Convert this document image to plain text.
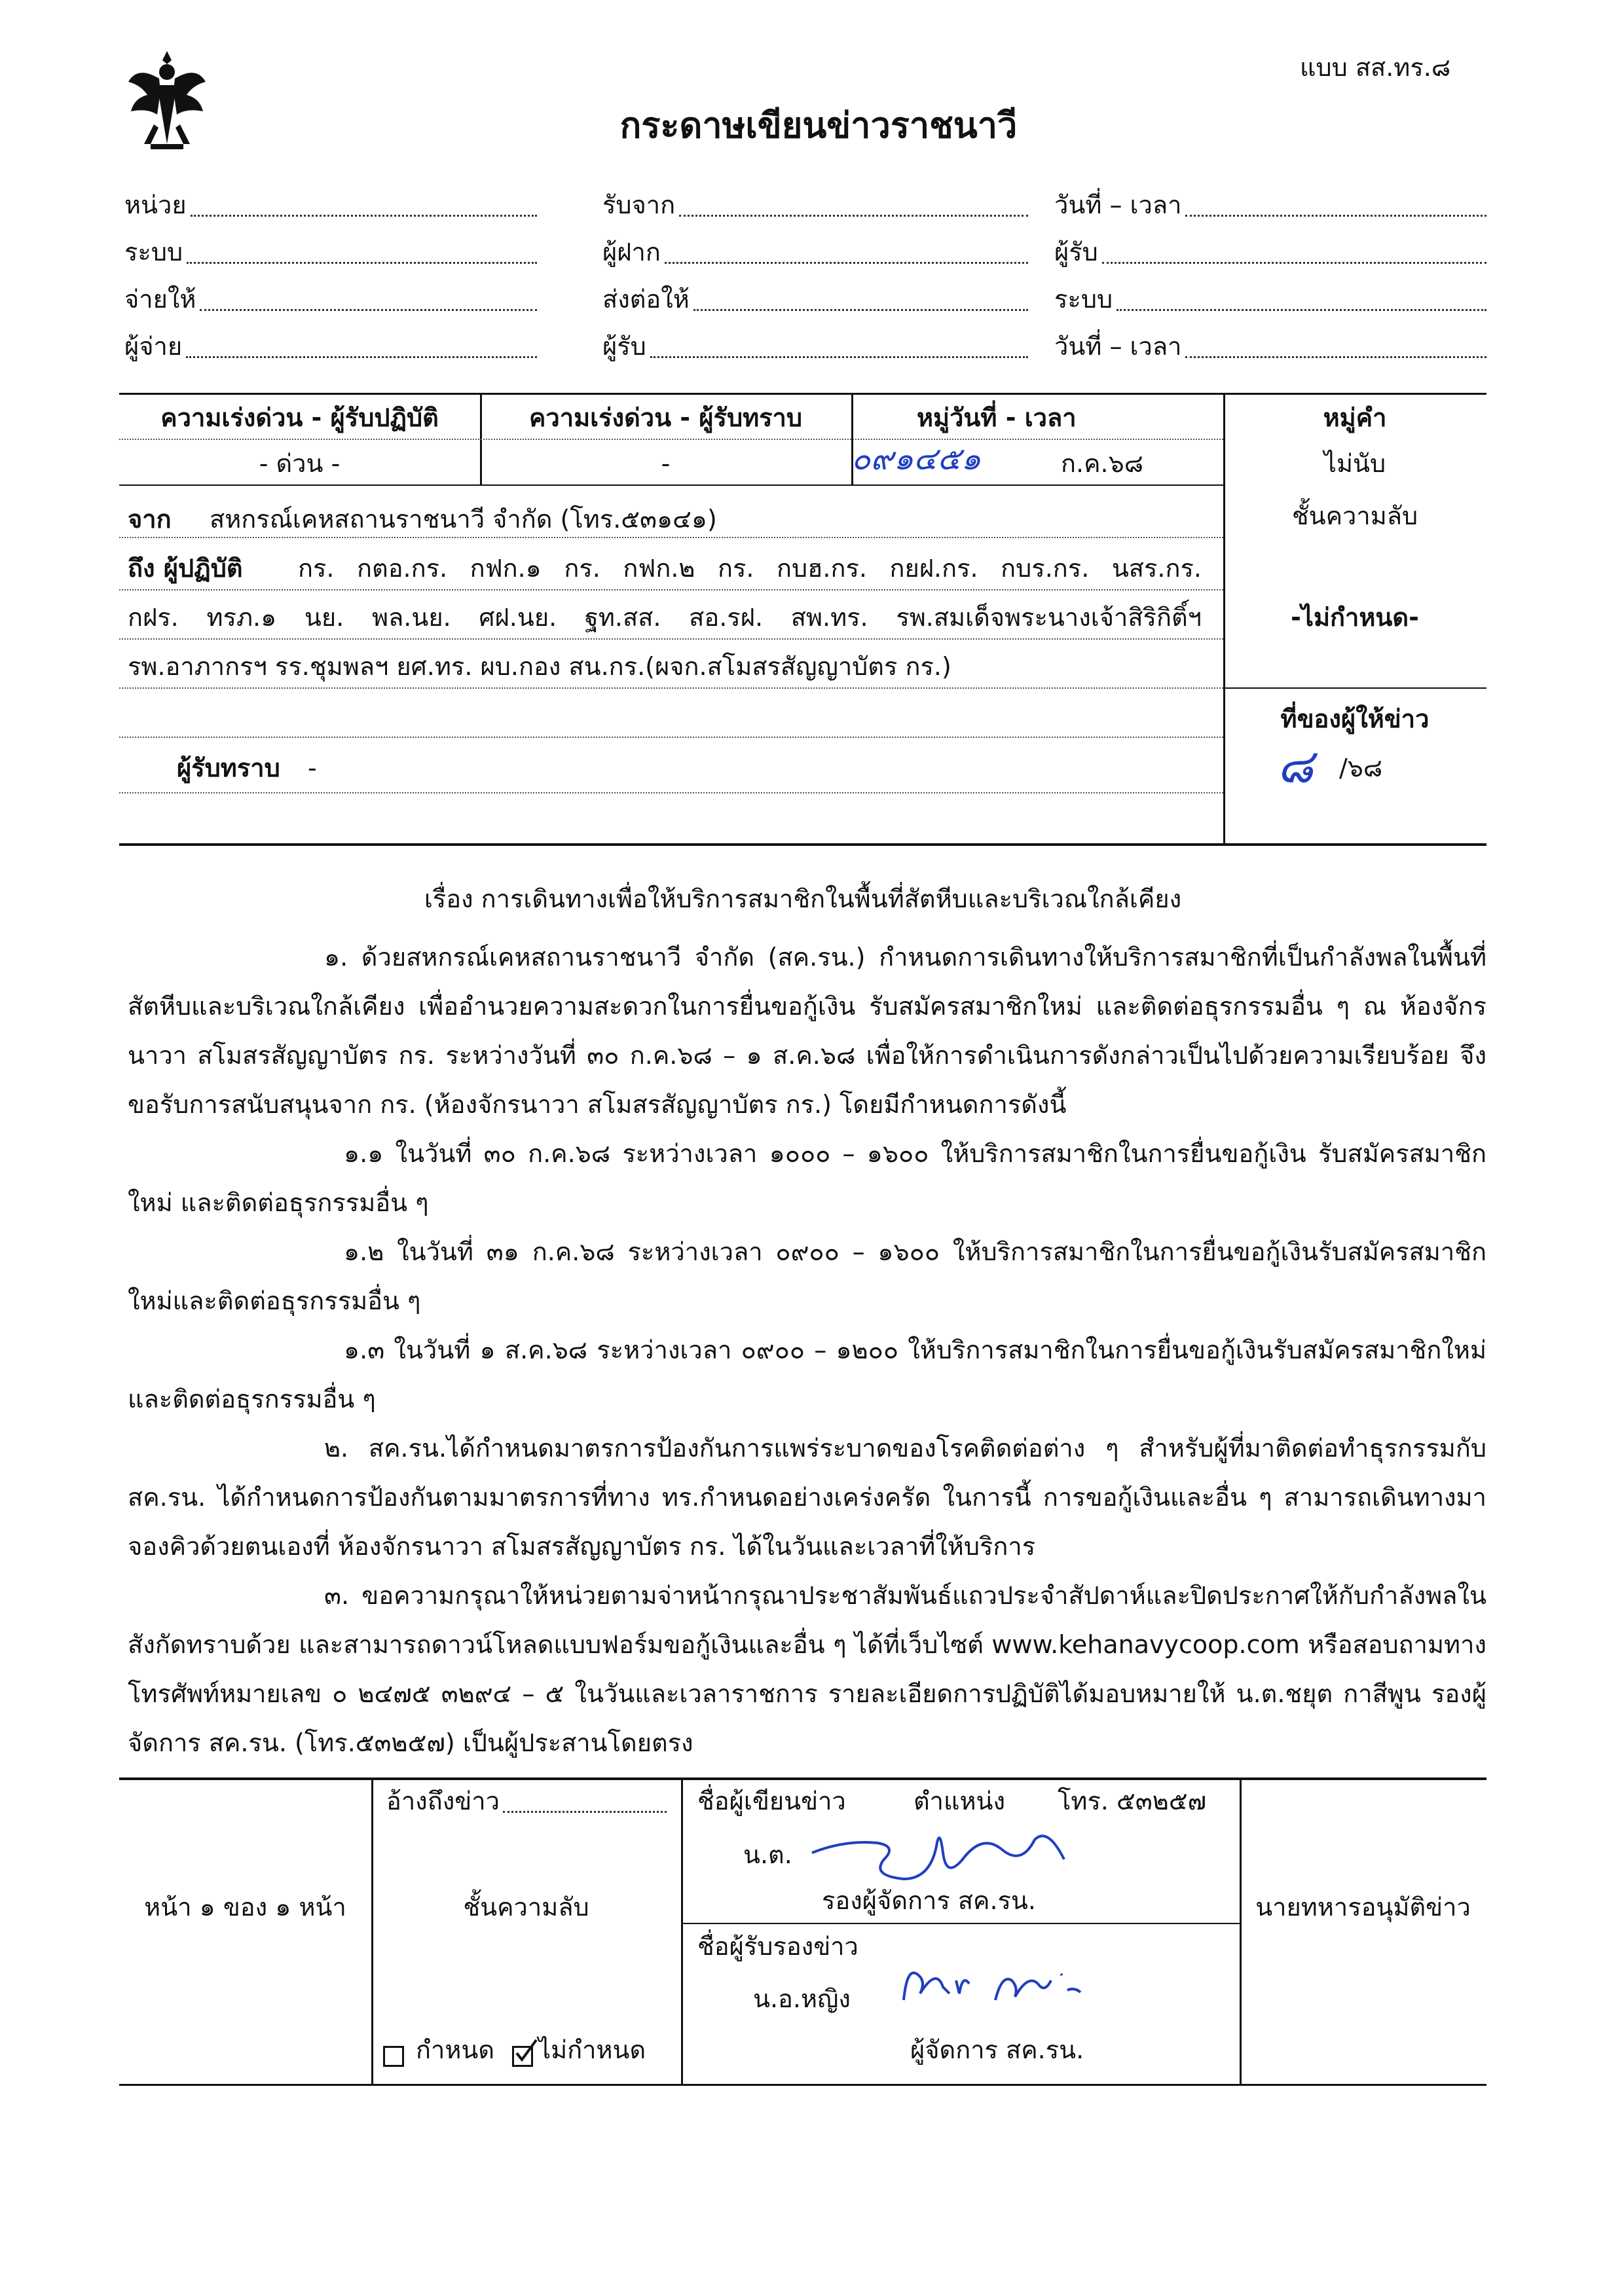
แบบ สส.ทร.๘
กระดาษเขียนข่าวราชนาวี
หน่วย	รับจาก	วันที่ – เวลา
ระบบ	ผู้ฝาก	ผู้รับ
จ่ายให้	ส่งต่อให้	ระบบ
ผู้จ่าย	ผู้รับ	วันที่ – เวลา
ความเร่งด่วน - ผู้รับปฏิบัติ
- ด่วน -
ความเร่งด่วน - ผู้รับทราบ
-
หมู่วันที่ - เวลา
๐๙๑๔๕๑	ก.ค.๖๘
หมู่คำ
ไม่นับ
จาก สหกรณ์เคหสถานราชนาวี จำกัด (โทร.๕๓๑๔๑)
ถึง ผู้ปฏิบัติ กร. กตอ.กร. กฟก.๑ กร. กฟก.๒ กร. กบฮ.กร. กยฝ.กร. กบร.กร. นสร.กร.
กฝร. ทรภ.๑ นย. พล.นย. ศฝ.นย. ฐท.สส. สอ.รฝ. สพ.ทร. รพ.สมเด็จพระนางเจ้าสิริกิติ์ฯ
รพ.อาภากรฯ รร.ชุมพลฯ ยศ.ทร. ผบ.กอง สน.กร.(ผจก.สโมสรสัญญาบัตร กร.)
ผู้รับทราบ -
ชั้นความลับ
-ไม่กำหนด-
ที่ของผู้ให้ข่าว
๘ /๖๘
เรื่อง การเดินทางเพื่อให้บริการสมาชิกในพื้นที่สัตหีบและบริเวณใกล้เคียง
๑. ด้วยสหกรณ์เคหสถานราชนาวี จำกัด (สค.รน.) กำหนดการเดินทางให้บริการสมาชิกที่เป็นกำลังพลในพื้นที่สัตหีบและบริเวณใกล้เคียง เพื่ออำนวยความสะดวกในการยื่นขอกู้เงิน รับสมัครสมาชิกใหม่ และติดต่อธุรกรรมอื่น ๆ ณ ห้องจักรนาวา สโมสรสัญญาบัตร กร. ระหว่างวันที่ ๓๐ ก.ค.๖๘ – ๑ ส.ค.๖๘ เพื่อให้การดำเนินการดังกล่าวเป็นไปด้วยความเรียบร้อย จึงขอรับการสนับสนุนจาก กร. (ห้องจักรนาวา สโมสรสัญญาบัตร กร.) โดยมีกำหนดการดังนี้
๑.๑ ในวันที่ ๓๐ ก.ค.๖๘ ระหว่างเวลา ๑๐๐๐ – ๑๖๐๐ ให้บริการสมาชิกในการยื่นขอกู้เงิน รับสมัครสมาชิกใหม่ และติดต่อธุรกรรมอื่น ๆ
๑.๒ ในวันที่ ๓๑ ก.ค.๖๘ ระหว่างเวลา ๐๙๐๐ – ๑๖๐๐ ให้บริการสมาชิกในการยื่นขอกู้เงินรับสมัครสมาชิกใหม่และติดต่อธุรกรรมอื่น ๆ
๑.๓ ในวันที่ ๑ ส.ค.๖๘ ระหว่างเวลา ๐๙๐๐ – ๑๒๐๐ ให้บริการสมาชิกในการยื่นขอกู้เงินรับสมัครสมาชิกใหม่ และติดต่อธุรกรรมอื่น ๆ
๒. สค.รน.ได้กำหนดมาตรการป้องกันการแพร่ระบาดของโรคติดต่อต่าง ๆ สำหรับผู้ที่มาติดต่อทำธุรกรรมกับ สค.รน. ได้กำหนดการป้องกันตามมาตรการที่ทาง ทร.กำหนดอย่างเคร่งครัด ในการนี้ การขอกู้เงินและอื่น ๆ สามารถเดินทางมาจองคิวด้วยตนเองที่ ห้องจักรนาวา สโมสรสัญญาบัตร กร. ได้ในวันและเวลาที่ให้บริการ
๓. ขอความกรุณาให้หน่วยตามจ่าหน้ากรุณาประชาสัมพันธ์แถวประจำสัปดาห์และปิดประกาศให้กับกำลังพลในสังกัดทราบด้วย และสามารถดาวน์โหลดแบบฟอร์มขอกู้เงินและอื่น ๆ ได้ที่เว็บไซต์ www.kehanavycoop.com หรือสอบถามทางโทรศัพท์หมายเลข ๐ ๒๔๗๕ ๓๒๙๔ – ๕ ในวันและเวลาราชการ รายละเอียดการปฏิบัติได้มอบหมายให้ น.ต.ชยุต กาสีพูน รองผู้จัดการ สค.รน. (โทร.๕๓๒๕๗) เป็นผู้ประสานโดยตรง
หน้า ๑ ของ ๑ หน้า
อ้างถึงข่าว
ชั้นความลับ
กำหนด ไม่กำหนด
ชื่อผู้เขียนข่าว	ตำแหน่ง โทร. ๕๓๒๕๗
น.ต.
รองผู้จัดการ สค.รน.
ชื่อผู้รับรองข่าว
น.อ.หญิง
ผู้จัดการ สค.รน.
นายทหารอนุมัติข่าว
